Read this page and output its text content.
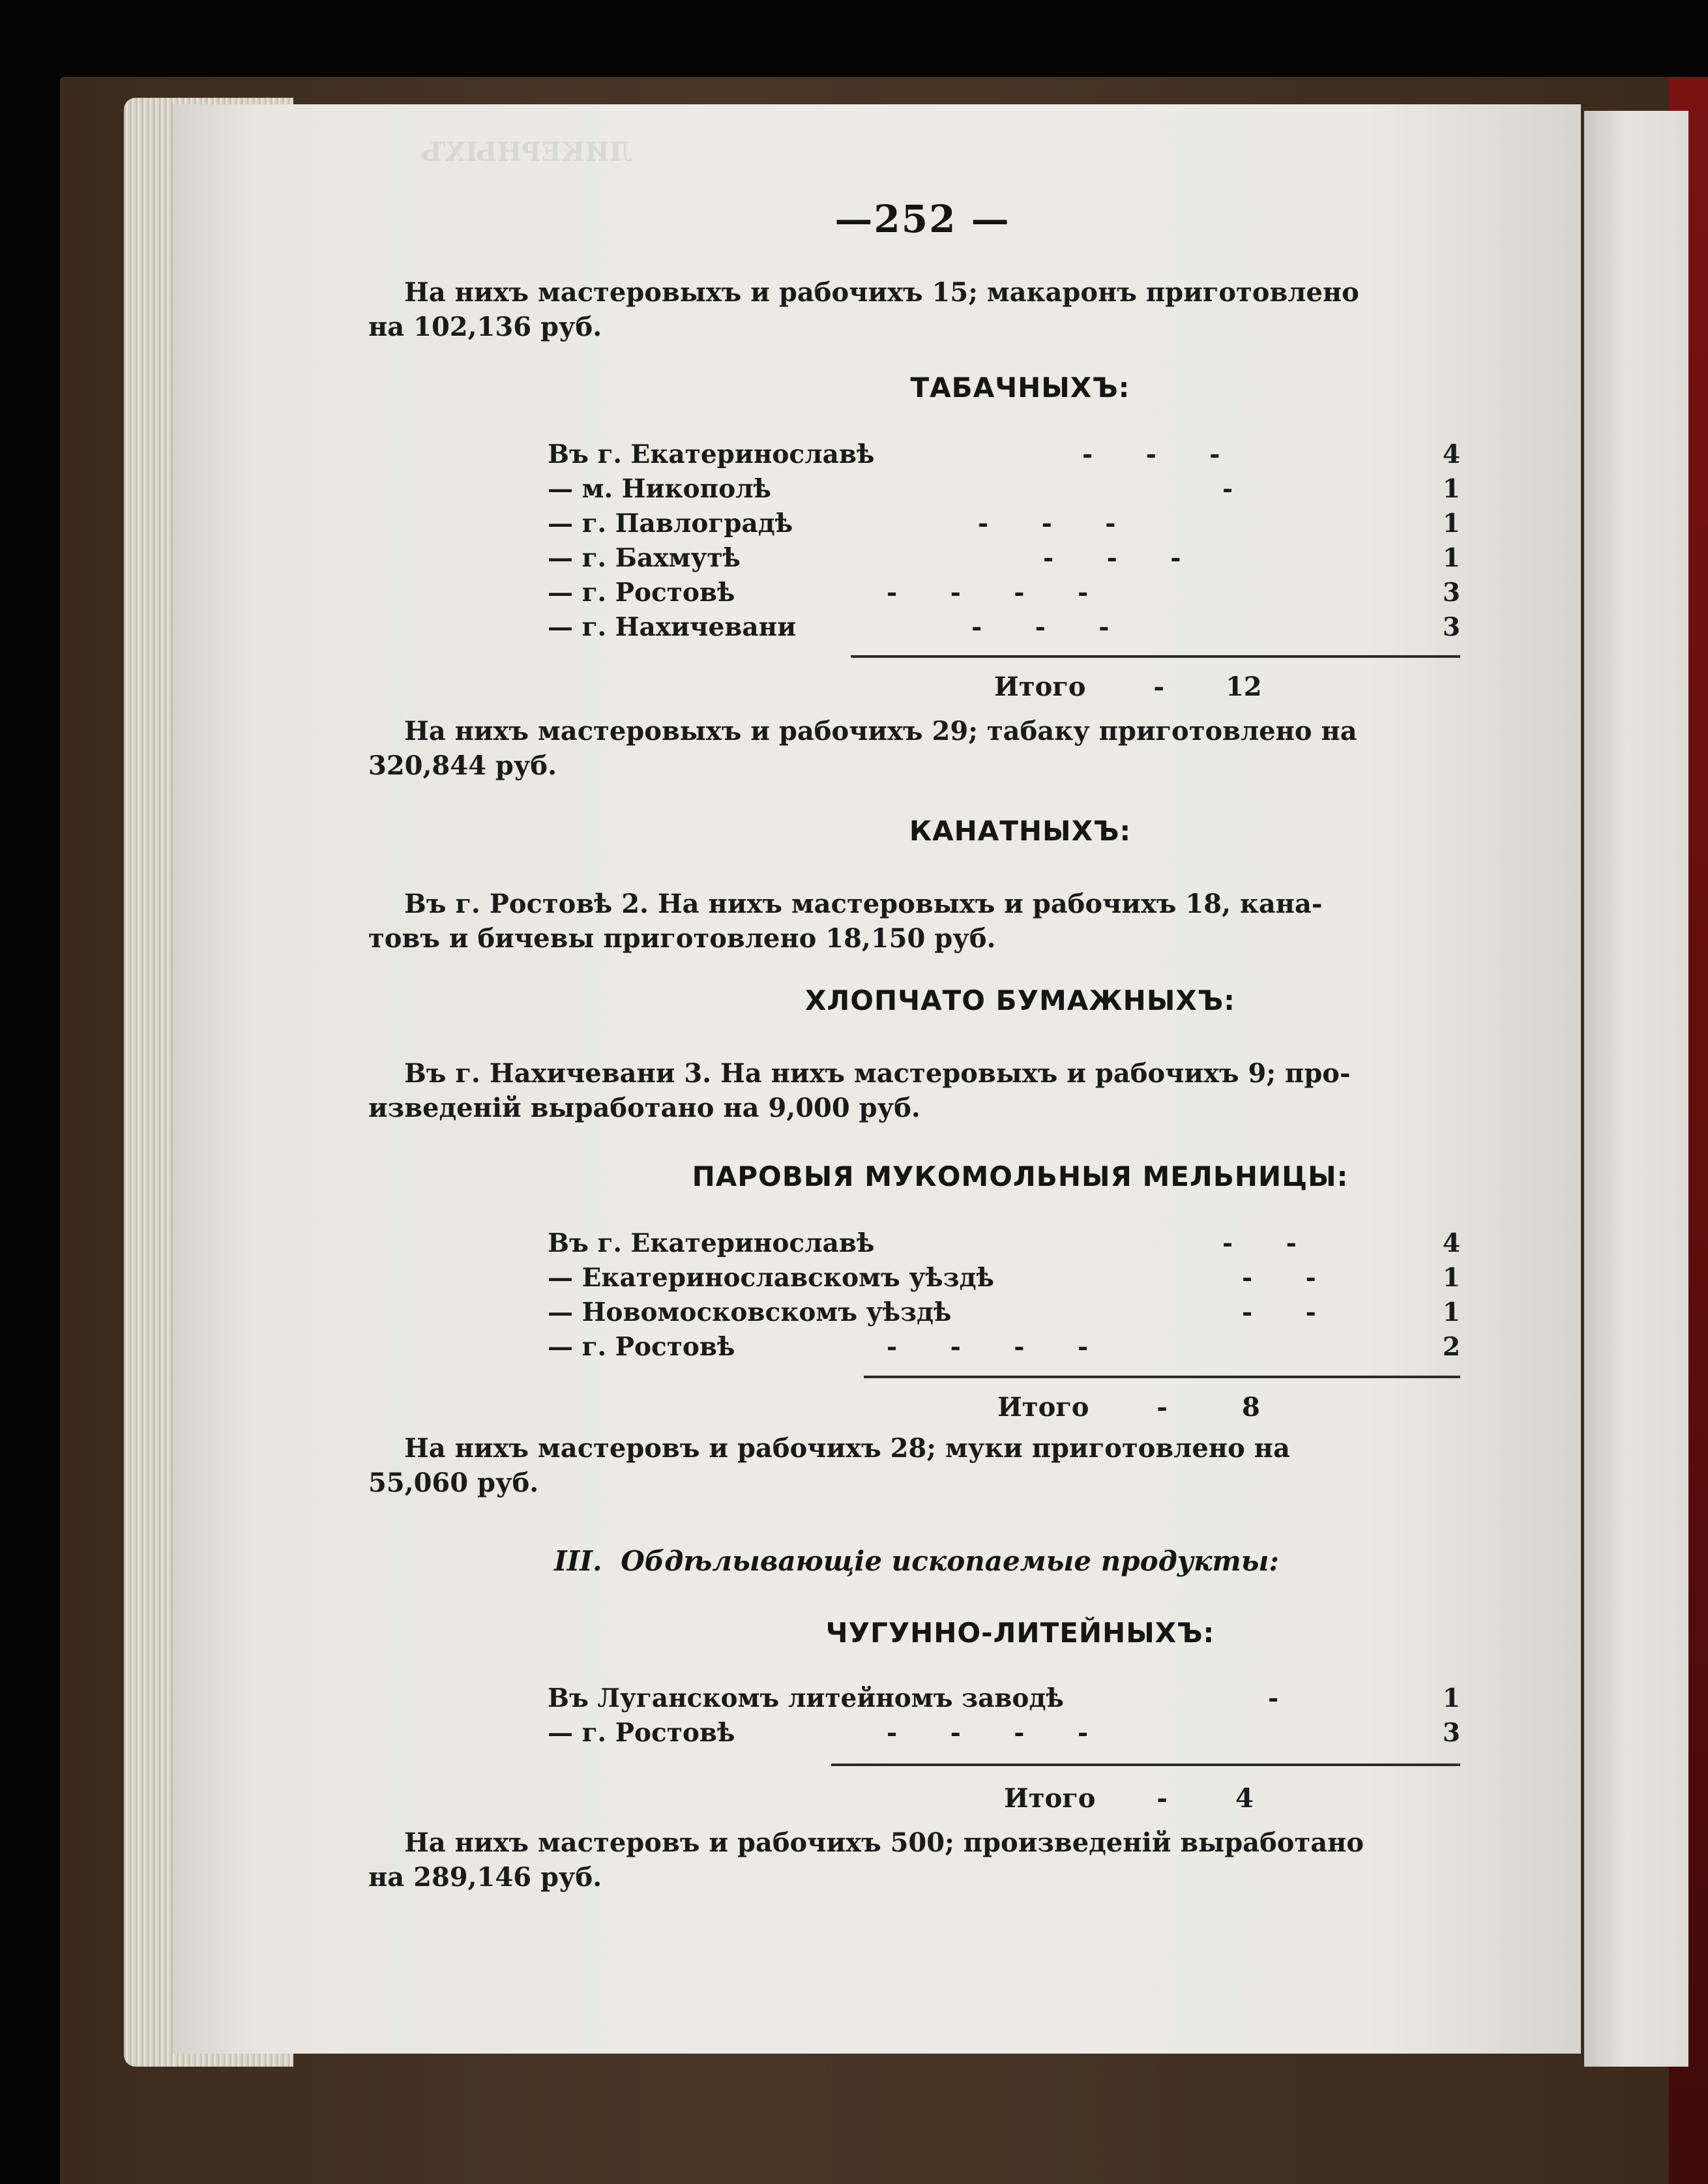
ЛИКЕРНЫХЪ
—252 —

На нихъ мастеровыхъ и рабочихъ 15; макаронъ приготовлено

на 102,136 руб.

ТАБАЧНЫХЪ:
Въ г. Екатеринославѣ	-      -      -	4
— м. Никополѣ	-	1
— г. Павлоградѣ	-      -      -	1
— г. Бахмутѣ	-      -      -	1
— г. Ростовѣ	-      -      -      -	3
— г. Нахичевани	-      -      -	3
Итого	- 12

На нихъ мастеровыхъ и рабочихъ 29; табаку приготовлено на

320,844 руб.

КАНАТНЫХЪ:

Въ г. Ростовѣ 2. На нихъ мастеровыхъ и рабочихъ 18, кана-

товъ и бичевы приготовлено 18,150 руб.

ХЛОПЧАТО БУМАЖНЫХЪ:

Въ г. Нахичевани 3. На нихъ мастеровыхъ и рабочихъ 9; про-

изведенiй выработано на 9,000 руб.

ПАРОВЫЯ МУКОМОЛЬНЫЯ МЕЛЬНИЦЫ:
Въ г. Екатеринославѣ	-      -	4
— Екатеринославскомъ уѣздѣ	-      -	1
— Новомосковскомъ уѣздѣ	-      -	1
— г. Ростовѣ	-      -      -      -	2
Итого	-	8

На нихъ мастеровъ и рабочихъ 28; муки приготовлено на

55,060 руб.

III. Обдѣлывающiе ископаемые продукты:
ЧУГУННО-ЛИТЕЙНЫХЪ:
Въ Луганскомъ литейномъ заводѣ	-	1
— г. Ростовѣ	-      -      -      -	3
Итого -	4

На нихъ мастеровъ и рабочихъ 500; произведенiй выработано

на 289,146 руб.
